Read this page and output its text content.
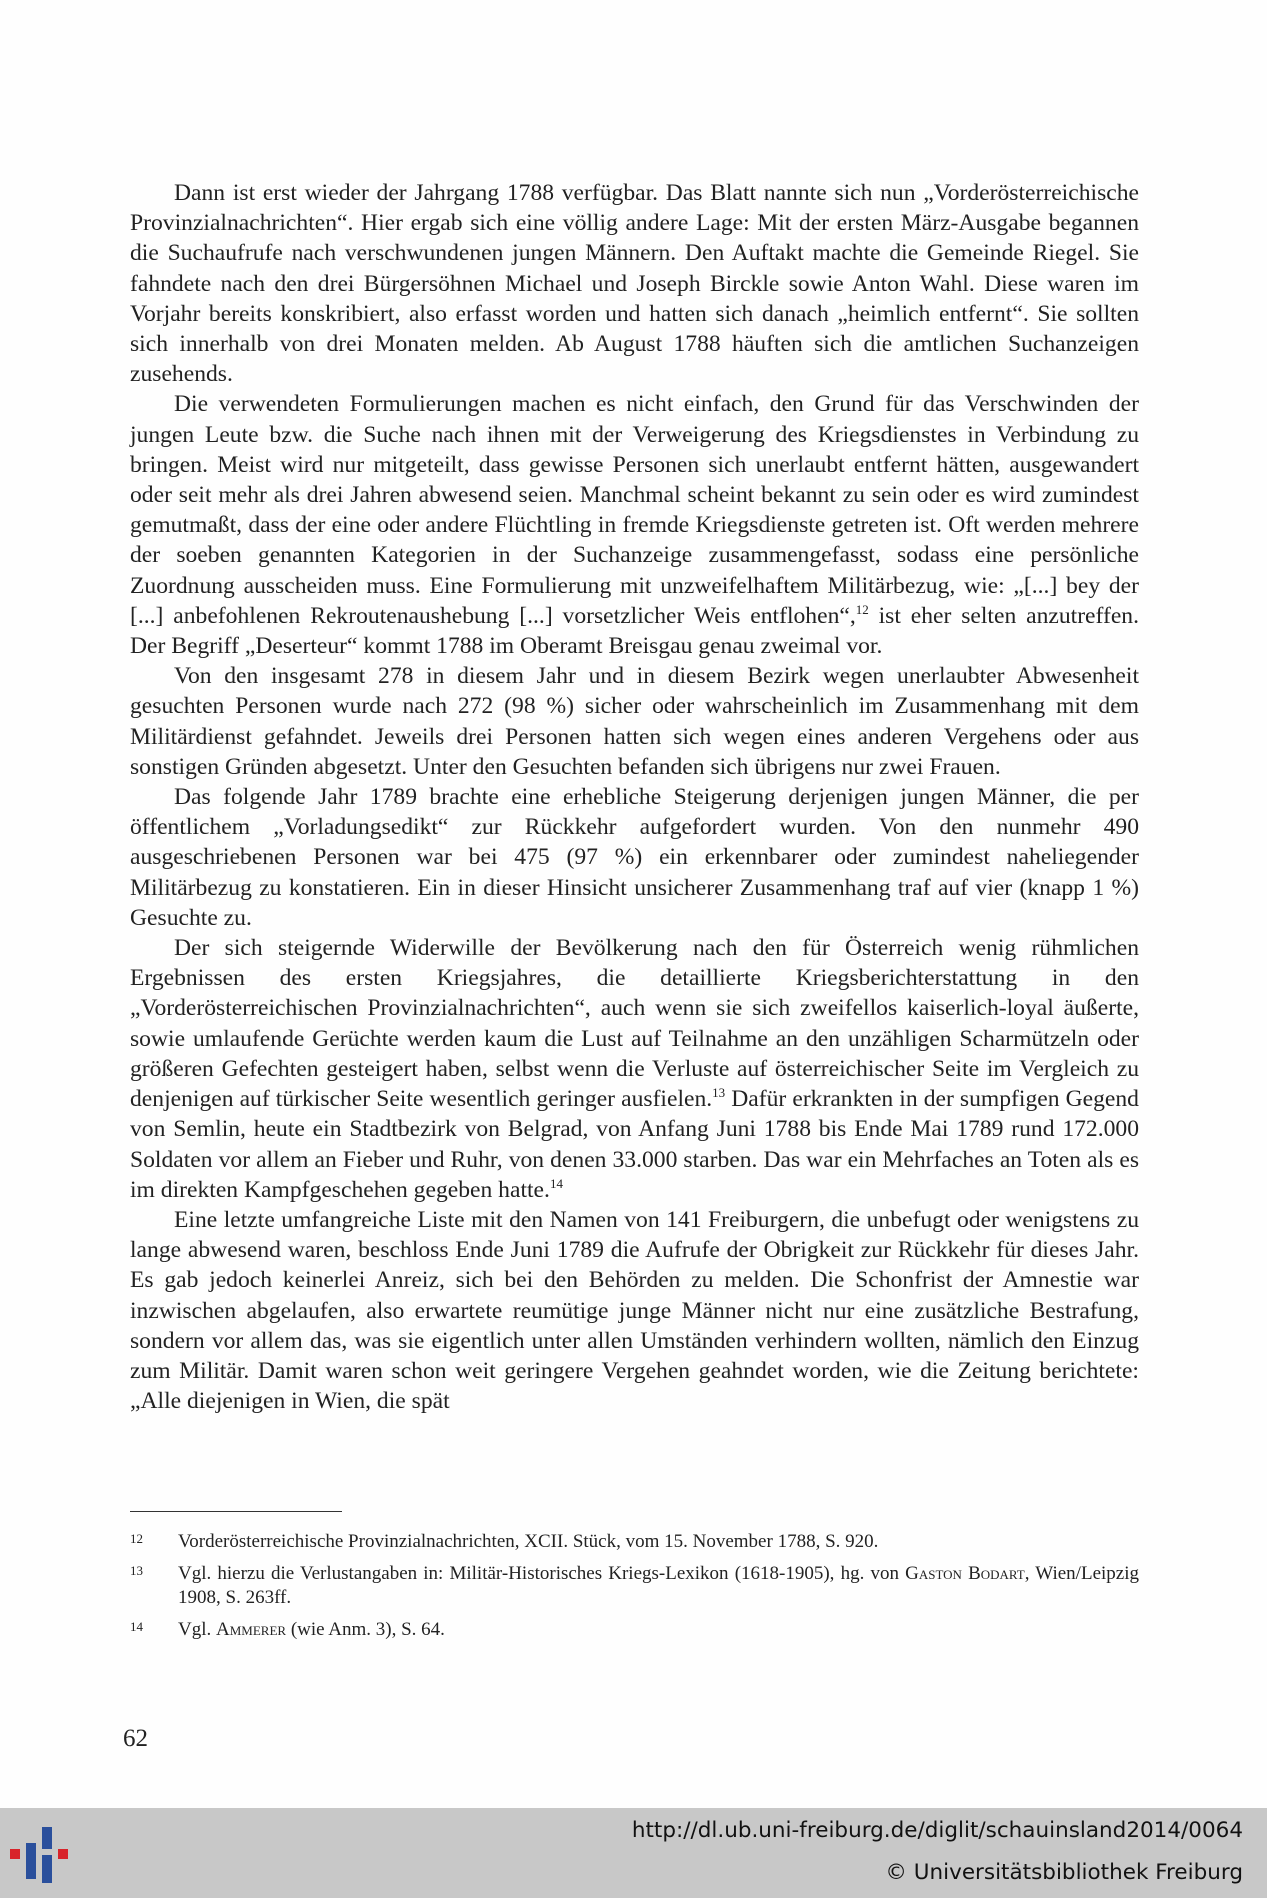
Dann ist erst wieder der Jahrgang 1788 verfügbar. Das Blatt nannte sich nun „Vorderösterreichische Provinzialnachrichten“. Hier ergab sich eine völlig andere Lage: Mit der ersten März-Ausgabe begannen die Suchaufrufe nach verschwundenen jungen Männern. Den Auftakt machte die Gemeinde Riegel. Sie fahndete nach den drei Bürgersöhnen Michael und Joseph Birckle sowie Anton Wahl. Diese waren im Vorjahr bereits konskribiert, also erfasst worden und hatten sich danach „heimlich entfernt“. Sie sollten sich innerhalb von drei Monaten melden. Ab August 1788 häuften sich die amtlichen Suchanzeigen zusehends.

Die verwendeten Formulierungen machen es nicht einfach, den Grund für das Verschwinden der jungen Leute bzw. die Suche nach ihnen mit der Verweigerung des Kriegsdienstes in Verbindung zu bringen. Meist wird nur mitgeteilt, dass gewisse Personen sich unerlaubt entfernt hätten, ausgewandert oder seit mehr als drei Jahren abwesend seien. Manchmal scheint bekannt zu sein oder es wird zumindest gemutmaßt, dass der eine oder andere Flüchtling in fremde Kriegsdienste getreten ist. Oft werden mehrere der soeben genannten Kategorien in der Suchanzeige zusammengefasst, sodass eine persönliche Zuordnung ausscheiden muss. Eine Formulierung mit unzweifelhaftem Militärbezug, wie: „[...] bey der [...] anbefohlenen Rekroutenaushebung [...] vorsetzlicher Weis entflohen“,$^{12}$ ist eher selten anzutreffen. Der Begriff „Deserteur“ kommt 1788 im Oberamt Breisgau genau zweimal vor.

Von den insgesamt 278 in diesem Jahr und in diesem Bezirk wegen unerlaubter Abwesenheit gesuchten Personen wurde nach 272 (98 %) sicher oder wahrscheinlich im Zusammenhang mit dem Militärdienst gefahndet. Jeweils drei Personen hatten sich wegen eines anderen Vergehens oder aus sonstigen Gründen abgesetzt. Unter den Gesuchten befanden sich übrigens nur zwei Frauen.

Das folgende Jahr 1789 brachte eine erhebliche Steigerung derjenigen jungen Männer, die per öffentlichem „Vorladungsedikt“ zur Rückkehr aufgefordert wurden. Von den nunmehr 490 ausgeschriebenen Personen war bei 475 (97 %) ein erkennbarer oder zumindest naheliegender Militärbezug zu konstatieren. Ein in dieser Hinsicht unsicherer Zusammenhang traf auf vier (knapp 1 %) Gesuchte zu.

Der sich steigernde Widerwille der Bevölkerung nach den für Österreich wenig rühmlichen Ergebnissen des ersten Kriegsjahres, die detaillierte Kriegsberichterstattung in den „Vorderösterreichischen Provinzialnachrichten“, auch wenn sie sich zweifellos kaiserlich-loyal äußerte, sowie umlaufende Gerüchte werden kaum die Lust auf Teilnahme an den unzähligen Scharmützeln oder größeren Gefechten gesteigert haben, selbst wenn die Verluste auf österreichischer Seite im Vergleich zu denjenigen auf türkischer Seite wesentlich geringer ausfielen.$^{13}$ Dafür erkrankten in der sumpfigen Gegend von Semlin, heute ein Stadtbezirk von Belgrad, von Anfang Juni 1788 bis Ende Mai 1789 rund 172.000 Soldaten vor allem an Fieber und Ruhr, von denen 33.000 starben. Das war ein Mehrfaches an Toten als es im direkten Kampfgeschehen gegeben hatte.$^{14}$

Eine letzte umfangreiche Liste mit den Namen von 141 Freiburgern, die unbefugt oder wenigstens zu lange abwesend waren, beschloss Ende Juni 1789 die Aufrufe der Obrigkeit zur Rückkehr für dieses Jahr. Es gab jedoch keinerlei Anreiz, sich bei den Behörden zu melden. Die Schonfrist der Amnestie war inzwischen abgelaufen, also erwartete reumütige junge Männer nicht nur eine zusätzliche Bestrafung, sondern vor allem das, was sie eigentlich unter allen Umständen verhindern wollten, nämlich den Einzug zum Militär. Damit waren schon weit geringere Vergehen geahndet worden, wie die Zeitung berichtete: „Alle diejenigen in Wien, die spät

12 Vorderösterreichische Provinzialnachrichten, XCII. Stück, vom 15. November 1788, S. 920.
13 Vgl. hierzu die Verlustangaben in: Militär-Historisches Kriegs-Lexikon (1618-1905), hg. von Gaston Bodart, Wien/Leipzig 1908, S. 263ff.
14 Vgl. Ammerer (wie Anm. 3), S. 64.
62
http://dl.ub.uni-freiburg.de/diglit/schauinsland2014/0064
© Universitätsbibliothek Freiburg
